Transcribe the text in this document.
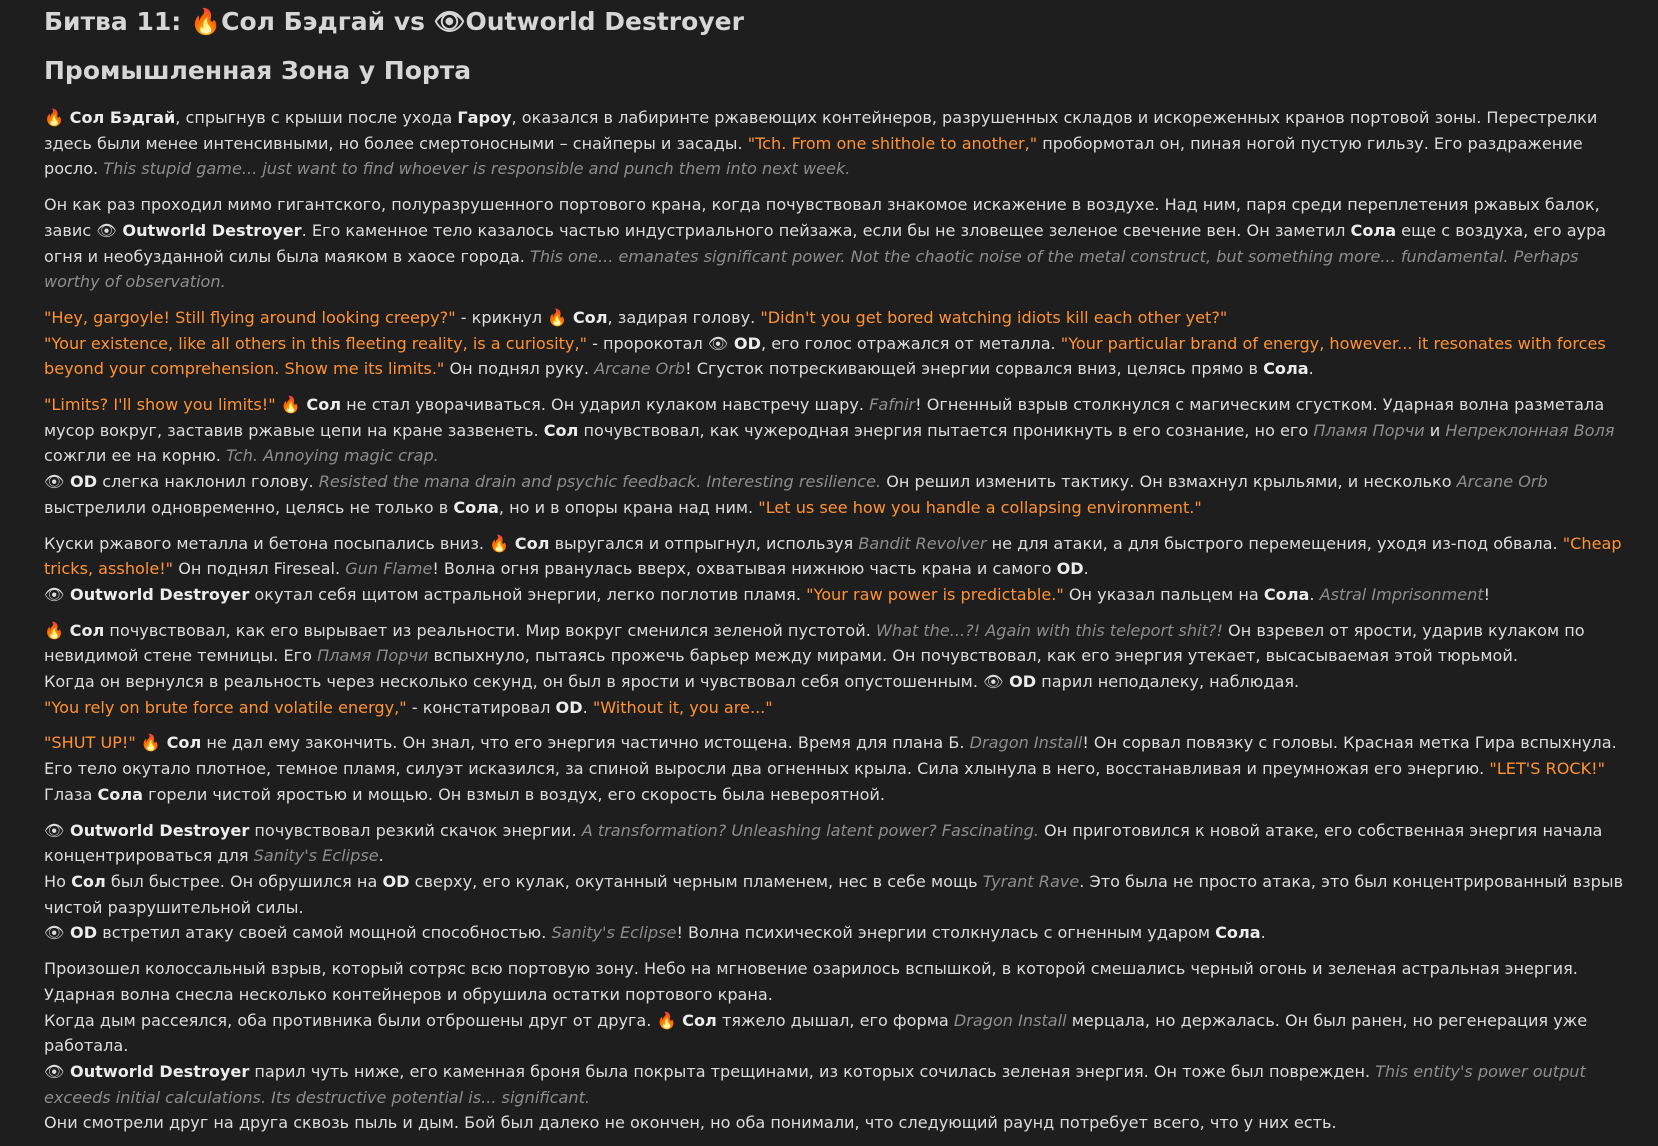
Битва 11: 🔥Сол Бэдгай vs 👁Outworld Destroyer
Промышленная Зона у Порта
🔥 Сол Бэдгай, спрыгнув с крыши после ухода Гароу, оказался в лабиринте ржавеющих контейнеров, разрушенных складов и искореженных кранов портовой зоны. Перестрелки здесь были менее интенсивными, но более смертоносными – снайперы и засады. "Tch. From one shithole to another," пробормотал он, пиная ногой пустую гильзу. Его раздражение росло. This stupid game... just want to find whoever is responsible and punch them into next week.
Он как раз проходил мимо гигантского, полуразрушенного портового крана, когда почувствовал знакомое искажение в воздухе. Над ним, паря среди переплетения ржавых балок, завис 👁 Outworld Destroyer. Его каменное тело казалось частью индустриального пейзажа, если бы не зловещее зеленое свечение вен. Он заметил Сола еще с воздуха, его аура огня и необузданной силы была маяком в хаосе города. This one... emanates significant power. Not the chaotic noise of the metal construct, but something more... fundamental. Perhaps worthy of observation.
"Hey, gargoyle! Still flying around looking creepy?" - крикнул 🔥 Сол, задирая голову. "Didn't you get bored watching idiots kill each other yet?"
"Your existence, like all others in this fleeting reality, is a curiosity," - пророкотал 👁 OD, его голос отражался от металла. "Your particular brand of energy, however... it resonates with forces beyond your comprehension. Show me its limits." Он поднял руку. Arcane Orb! Сгусток потрескивающей энергии сорвался вниз, целясь прямо в Сола.
"Limits? I'll show you limits!" 🔥 Сол не стал уворачиваться. Он ударил кулаком навстречу шару. Fafnir! Огненный взрыв столкнулся с магическим сгустком. Ударная волна разметала мусор вокруг, заставив ржавые цепи на кране зазвенеть. Сол почувствовал, как чужеродная энергия пытается проникнуть в его сознание, но его Пламя Порчи и Непреклонная Воля сожгли ее на корню. Tch. Annoying magic crap.
👁 OD слегка наклонил голову. Resisted the mana drain and psychic feedback. Interesting resilience. Он решил изменить тактику. Он взмахнул крыльями, и несколько Arcane Orb выстрелили одновременно, целясь не только в Сола, но и в опоры крана над ним. "Let us see how you handle a collapsing environment."
Куски ржавого металла и бетона посыпались вниз. 🔥 Сол выругался и отпрыгнул, используя Bandit Revolver не для атаки, а для быстрого перемещения, уходя из-под обвала. "Cheap tricks, asshole!" Он поднял Fireseal. Gun Flame! Волна огня рванулась вверх, охватывая нижнюю часть крана и самого OD.
👁 Outworld Destroyer окутал себя щитом астральной энергии, легко поглотив пламя. "Your raw power is predictable." Он указал пальцем на Сола. Astral Imprisonment!
🔥 Сол почувствовал, как его вырывает из реальности. Мир вокруг сменился зеленой пустотой. What the...?! Again with this teleport shit?! Он взревел от ярости, ударив кулаком по невидимой стене темницы. Его Пламя Порчи вспыхнуло, пытаясь прожечь барьер между мирами. Он почувствовал, как его энергия утекает, высасываемая этой тюрьмой.
Когда он вернулся в реальность через несколько секунд, он был в ярости и чувствовал себя опустошенным. 👁 OD парил неподалеку, наблюдая.
"You rely on brute force and volatile energy," - констатировал OD. "Without it, you are..."
"SHUT UP!" 🔥 Сол не дал ему закончить. Он знал, что его энергия частично истощена. Время для плана Б. Dragon Install! Он сорвал повязку с головы. Красная метка Гира вспыхнула. Его тело окутало плотное, темное пламя, силуэт исказился, за спиной выросли два огненных крыла. Сила хлынула в него, восстанавливая и преумножая его энергию. "LET'S ROCK!"
Глаза Сола горели чистой яростью и мощью. Он взмыл в воздух, его скорость была невероятной.
👁 Outworld Destroyer почувствовал резкий скачок энергии. A transformation? Unleashing latent power? Fascinating. Он приготовился к новой атаке, его собственная энергия начала концентрироваться для Sanity's Eclipse.
Но Сол был быстрее. Он обрушился на OD сверху, его кулак, окутанный черным пламенем, нес в себе мощь Tyrant Rave. Это была не просто атака, это был концентрированный взрыв чистой разрушительной силы.
👁 OD встретил атаку своей самой мощной способностью. Sanity's Eclipse! Волна психической энергии столкнулась с огненным ударом Сола.
Произошел колоссальный взрыв, который сотряс всю портовую зону. Небо на мгновение озарилось вспышкой, в которой смешались черный огонь и зеленая астральная энергия. Ударная волна снесла несколько контейнеров и обрушила остатки портового крана.
Когда дым рассеялся, оба противника были отброшены друг от друга. 🔥 Сол тяжело дышал, его форма Dragon Install мерцала, но держалась. Он был ранен, но регенерация уже работала.
👁 Outworld Destroyer парил чуть ниже, его каменная броня была покрыта трещинами, из которых сочилась зеленая энергия. Он тоже был поврежден. This entity's power output exceeds initial calculations. Its destructive potential is... significant.
Они смотрели друг на друга сквозь пыль и дым. Бой был далеко не окончен, но оба понимали, что следующий раунд потребует всего, что у них есть.
